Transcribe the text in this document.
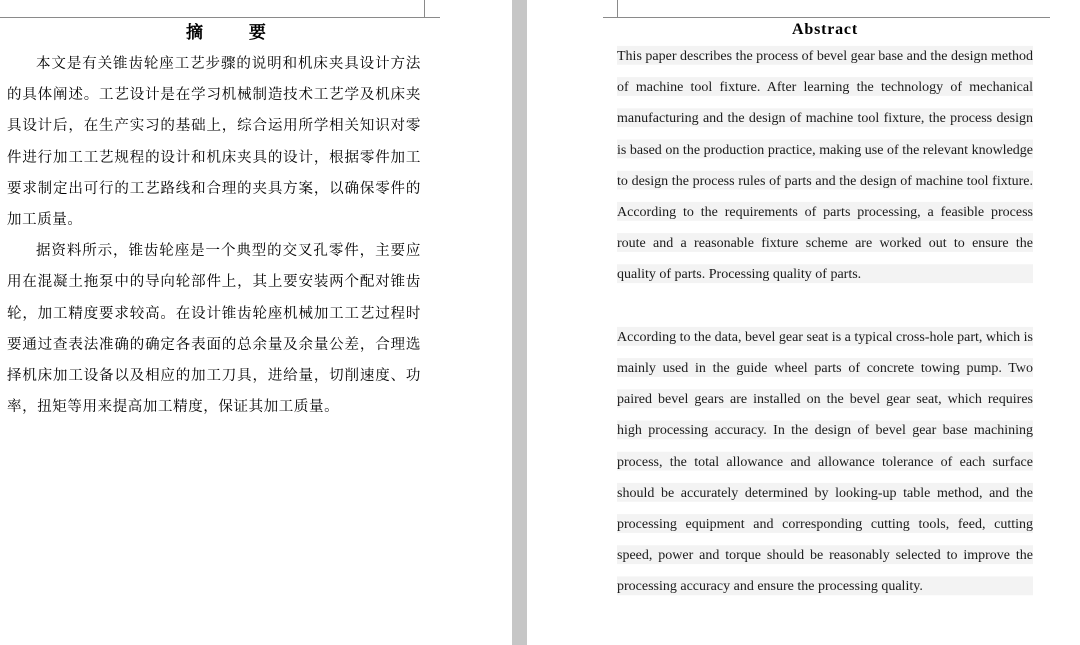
摘 要

本文是有关锥齿轮座工艺步骤的说明和机床夹具设计方法的具体阐述。工艺设计是在学习机械制造技术工艺学及机床夹具设计后，在生产实习的基础上，综合运用所学相关知识对零件进行加工工艺规程的设计和机床夹具的设计，根据零件加工要求制定出可行的工艺路线和合理的夹具方案，以确保零件的加工质量。

据资料所示，锥齿轮座是一个典型的交叉孔零件，主要应用在混凝土拖泵中的导向轮部件上，其上要安装两个配对锥齿轮，加工精度要求较高。在设计锥齿轮座机械加工工艺过程时要通过查表法准确的确定各表面的总余量及余量公差，合理选择机床加工设备以及相应的加工刀具，进给量，切削速度、功率，扭矩等用来提高加工精度，保证其加工质量。

Abstract

This paper describes the process of bevel gear base and the design method of machine tool fixture. After learning the technology of mechanical manufacturing and the design of machine tool fixture, the process design is based on the production practice, making use of the relevant knowledge to design the process rules of parts and the design of machine tool fixture. According to the requirements of parts processing, a feasible process route and a reasonable fixture scheme are worked out to ensure the quality of parts. Processing quality of parts.

According to the data, bevel gear seat is a typical cross-hole part, which is mainly used in the guide wheel parts of concrete towing pump. Two paired bevel gears are installed on the bevel gear seat, which requires high processing accuracy. In the design of bevel gear base machining process, the total allowance and allowance tolerance of each surface should be accurately determined by looking-up table method, and the processing equipment and corresponding cutting tools, feed, cutting speed, power and torque should be reasonably selected to improve the processing accuracy and ensure the processing quality.
